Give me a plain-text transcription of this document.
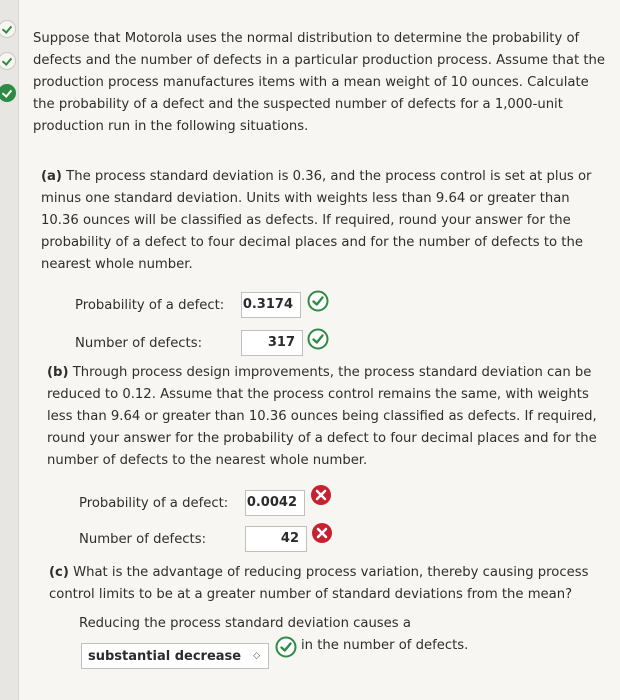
Suppose that Motorola uses the normal distribution to determine the probability of defects and the number of defects in a particular production process. Assume that the production process manufactures items with a mean weight of 10 ounces. Calculate the probability of a defect and the suspected number of defects for a 1,000-unit production run in the following situations.
(a) The process standard deviation is 0.36, and the process control is set at plus or minus one standard deviation. Units with weights less than 9.64 or greater than 10.36 ounces will be classified as defects. If required, round your answer for the probability of a defect to four decimal places and for the number of defects to the nearest whole number.
Probability of a defect: 0.3174
Number of defects:	317
(b) Through process design improvements, the process standard deviation can be reduced to 0.12. Assume that the process control remains the same, with weights less than 9.64 or greater than 10.36 ounces being classified as defects. If required, round your answer for the probability of a defect to four decimal places and for the number of defects to the nearest whole number.
Probability of a defect: 0.0042
Number of defects:	42
(c) What is the advantage of reducing process variation, thereby causing process control limits to be at a greater number of standard deviations from the mean?
Reducing the process standard deviation causes a
substantial decrease ◇
in the number of defects.
